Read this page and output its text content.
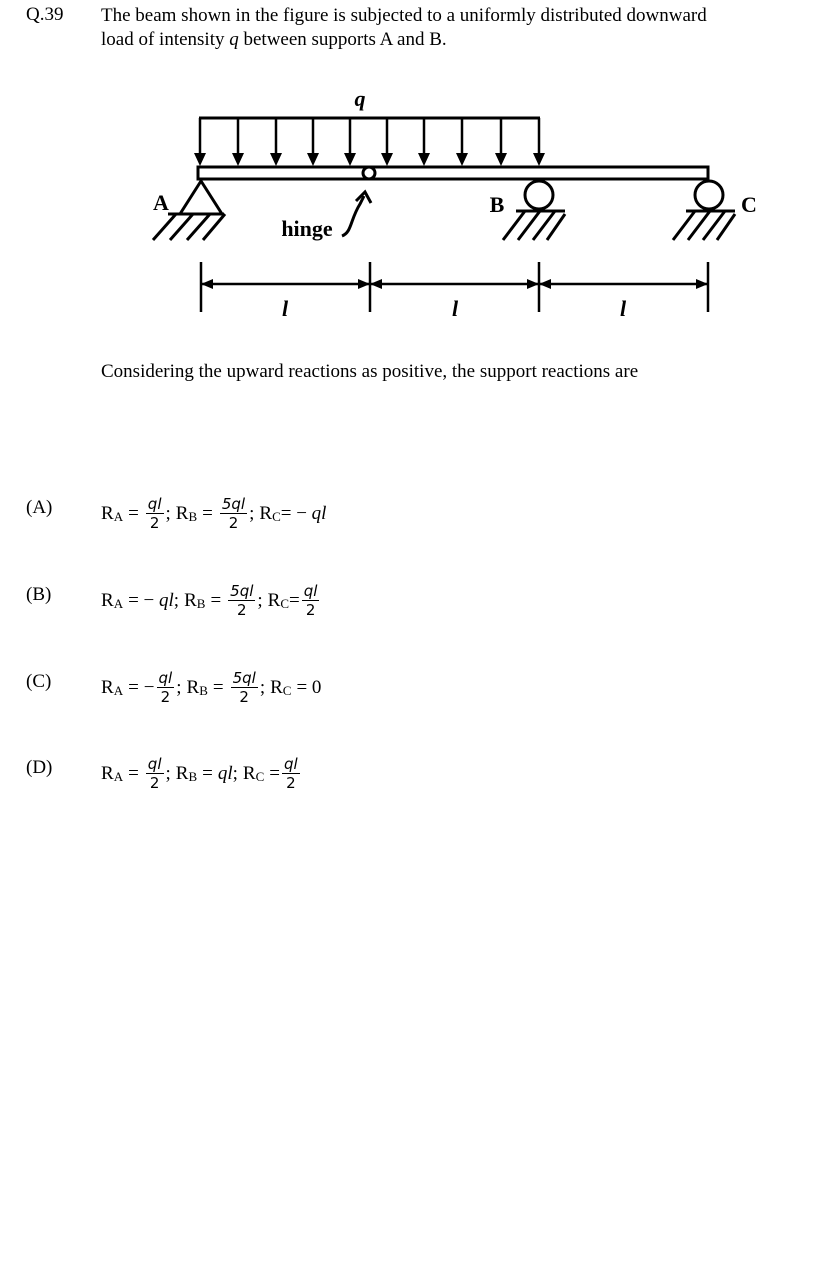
Q.39 The beam shown in the figure is subjected to a uniformly distributed downward
load of intensity q between supports A and B.
q
A	B	C
hinge
l	l	l
Considering the upward reactions as positive, the support reactions are
(A)	R $A = \frac{ql}{2}$ ; R $B = \frac{5ql}{2}$ ; R C = − ql
(B)	R A = − ql ; R $B = \frac{5ql}{2}$ ; R $C = \frac{ql}{2}$
(C)	R A = − $\frac{ql}{2}$ ; R $B = \frac{5ql}{2}$ ; R C = 0
(D)	R $A = \frac{ql}{2}$ ; R B = ql ; R $C = \frac{ql}{2}$
